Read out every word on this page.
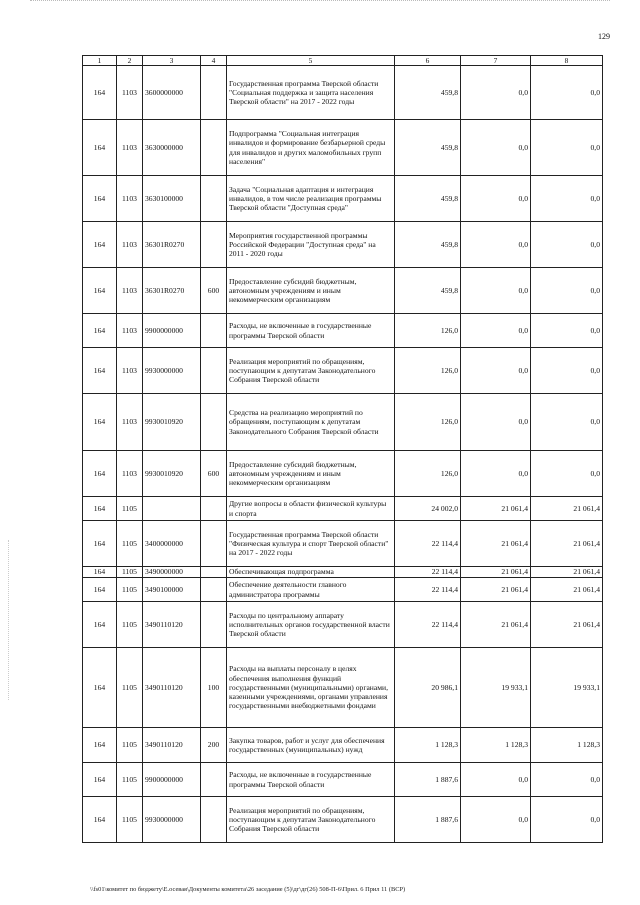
129
1	2	3	4	5	6	7	8
164	1103	3600000000		Государственная программа Тверской области "Социальная поддержка и защита населения Тверской области" на 2017 - 2022 годы	459,8	0,0	0,0
164	1103	3630000000		Подпрограмма "Социальная интеграция инвалидов и формирование безбарьерной среды для инвалидов и других маломобильных групп населения"	459,8	0,0	0,0
164	1103	3630100000		Задача "Социальная адаптация и интеграция инвалидов, в том числе реализация программы Тверской области "Доступная среда"	459,8	0,0	0,0
164	1103	36301R0270		Мероприятия государственной программы Российской Федерации "Доступная среда" на 2011 - 2020 годы	459,8	0,0	0,0
164	1103	36301R0270	600	Предоставление субсидий бюджетным, автономным учреждениям и иным некоммерческим организациям	459,8	0,0	0,0
164	1103	9900000000		Расходы, не включенные в государственные программы Тверской области	126,0	0,0	0,0
164	1103	9930000000		Реализация мероприятий по обращениям, поступающим к депутатам Законодательного Собрания Тверской области	126,0	0,0	0,0
164	1103	9930010920		Средства на реализацию мероприятий по обращениям, поступающим к депутатам Законодательного Собрания Тверской области	126,0	0,0	0,0
164	1103	9930010920	600	Предоставление субсидий бюджетным, автономным учреждениям и иным некоммерческим организациям	126,0	0,0	0,0
164	1105			Другие вопросы в области физической культуры и спорта	24 002,0	21 061,4	21 061,4
164	1105	3400000000		Государственная программа Тверской области "Физическая культура и спорт Тверской области" на 2017 - 2022 годы	22 114,4	21 061,4	21 061,4
164	1105	3490000000		Обеспечивающая подпрограмма	22 114,4	21 061,4	21 061,4
164	1105	3490100000		Обеспечение деятельности главного администратора программы	22 114,4	21 061,4	21 061,4
164	1105	3490110120		Расходы по центральному аппарату исполнительных органов государственной власти Тверской области	22 114,4	21 061,4	21 061,4
164	1105	3490110120	100	Расходы на выплаты персоналу в целях обеспечения выполнения функций государственными (муниципальными) органами, казенными учреждениями, органами управления государственными внебюджетными фондами	20 986,1	19 933,1	19 933,1
164	1105	3490110120	200	Закупка товаров, работ и услуг для обеспечения государственных (муниципальных) нужд	1 128,3	1 128,3	1 128,3
164	1105	9900000000		Расходы, не включенные в государственные программы Тверской области	1 887,6	0,0	0,0
164	1105	9930000000		Реализация мероприятий по обращениям, поступающим к депутатам Законодательного Собрания Тверской области	1 887,6	0,0	0,0
\\fs01\комитет по бюджету\Е.осевая\Документы комитета\26 заседание (5)\дг\дг(26) 508-П-6\Прил. 6 Прил 11 (ВСР)
